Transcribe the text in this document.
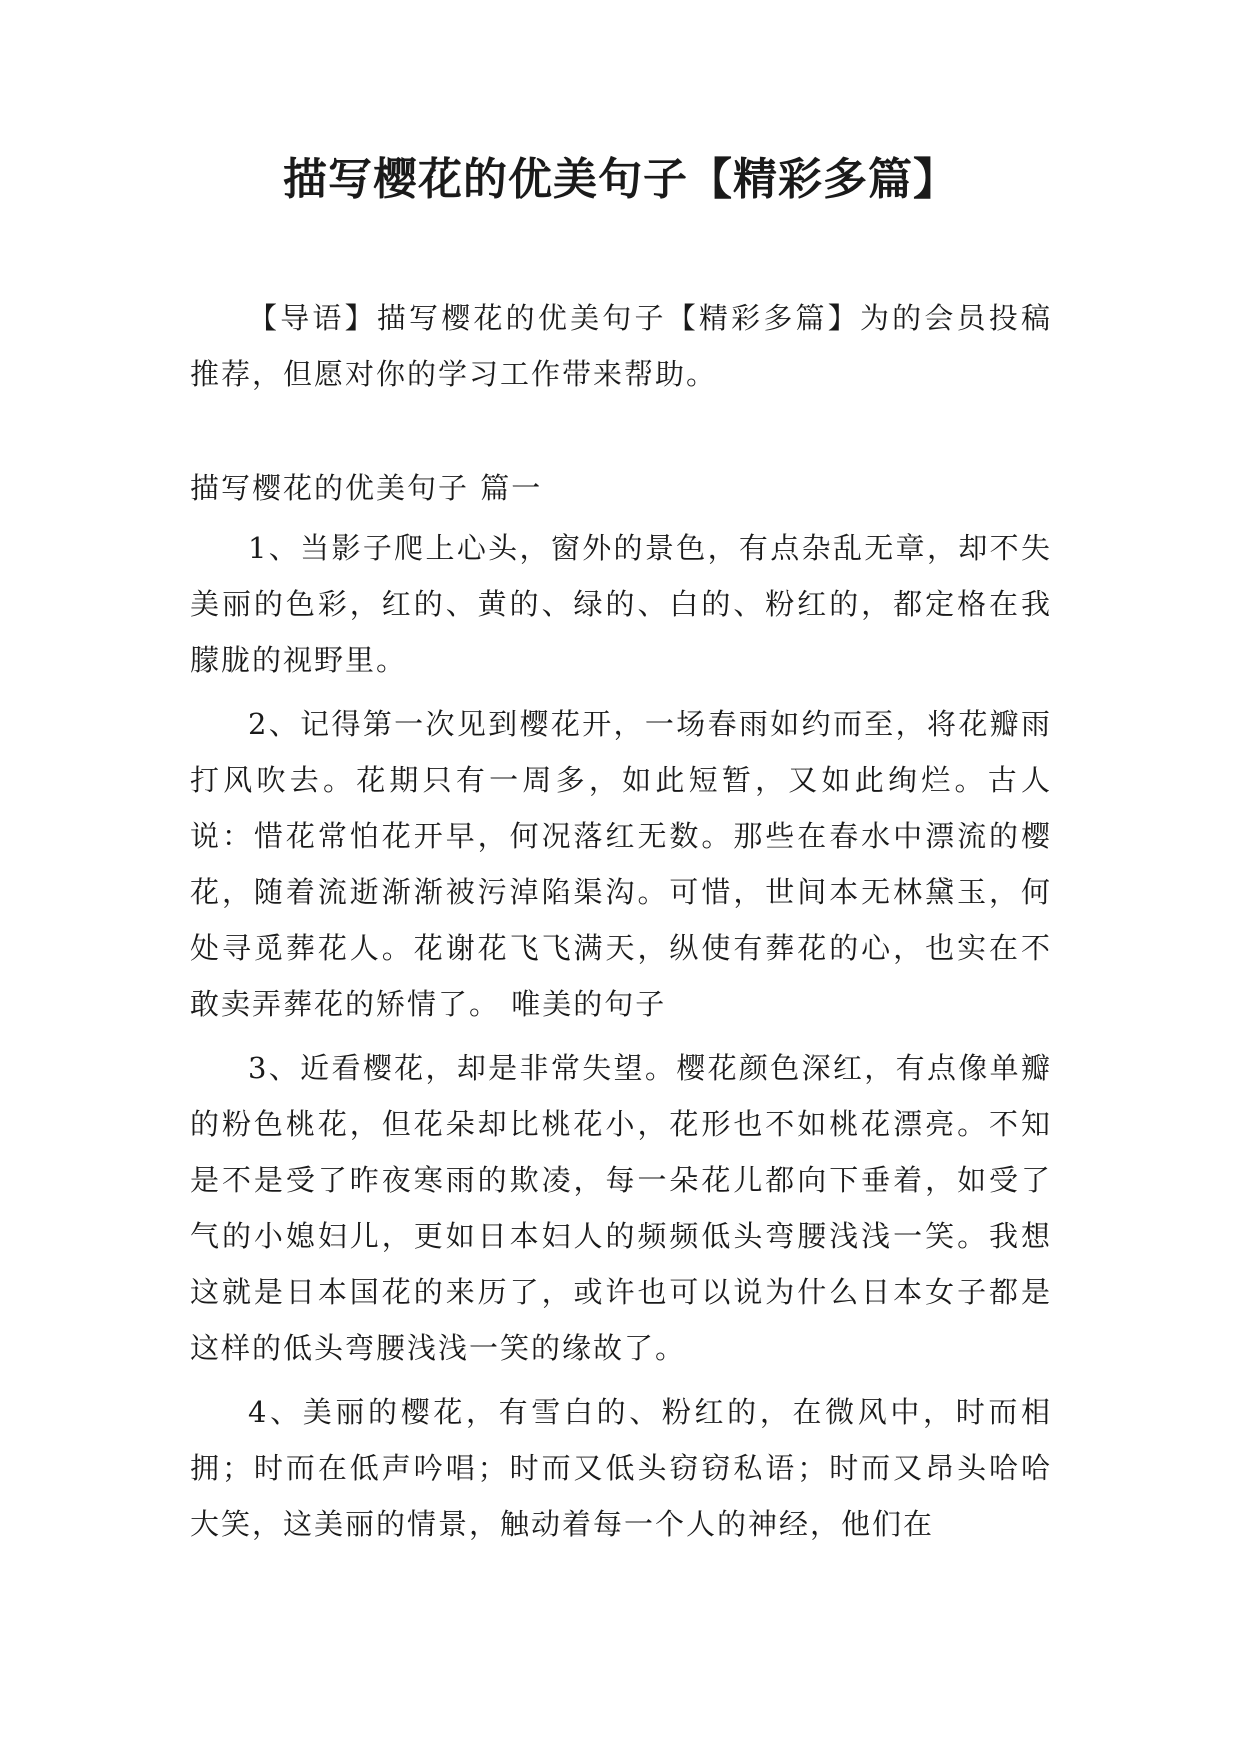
描写樱花的优美句子【精彩多篇】

【导语】描写樱花的优美句子【精彩多篇】为的会员投稿推荐，但愿对你的学习工作带来帮助。

描写樱花的优美句子 篇一

1、当影子爬上心头，窗外的景色，有点杂乱无章，却不失美丽的色彩，红的、黄的、绿的、白的、粉红的，都定格在我朦胧的视野里。

2、记得第一次见到樱花开，一场春雨如约而至，将花瓣雨打风吹去。花期只有一周多，如此短暂，又如此绚烂。古人说：惜花常怕花开早，何况落红无数。那些在春水中漂流的樱花，随着流逝渐渐被污淖陷渠沟。可惜，世间本无林黛玉，何处寻觅葬花人。花谢花飞飞满天，纵使有葬花的心，也实在不敢卖弄葬花的矫情了。 唯美的句子

3、近看樱花，却是非常失望。樱花颜色深红，有点像单瓣的粉色桃花，但花朵却比桃花小，花形也不如桃花漂亮。不知是不是受了昨夜寒雨的欺凌，每一朵花儿都向下垂着，如受了气的小媳妇儿，更如日本妇人的频频低头弯腰浅浅一笑。我想这就是日本国花的来历了，或许也可以说为什么日本女子都是这样的低头弯腰浅浅一笑的缘故了。

4、美丽的樱花，有雪白的、粉红的，在微风中，时而相拥；时而在低声吟唱；时而又低头窃窃私语；时而又昂头哈哈大笑，这美丽的情景，触动着每一个人的神经，他们在
